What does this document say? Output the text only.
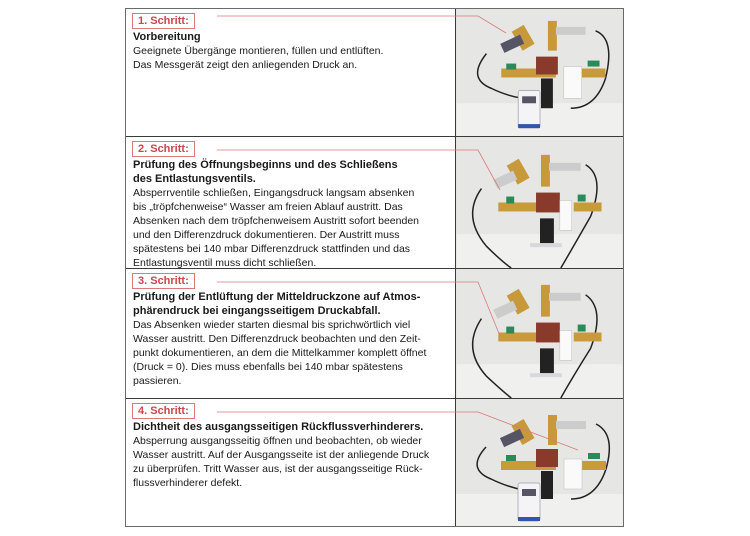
1. Schritt:
Vorbereitung
Geeignete Übergänge montieren, füllen und entlüften.
Das Messgerät zeigt den anliegenden Druck an.
2. Schritt:
Prüfung des Öffnungsbeginns und des Schließens
des Entlastungsventils.
Absperrventile schließen, Eingangsdruck langsam absenken
bis „tröpfchenweise“ Wasser am freien Ablauf austritt. Das
Absenken nach dem tröpfchenweisem Austritt sofort beenden
und den Differenzdruck dokumentieren. Der Austritt muss
spätestens bei 140 mbar Differenzdruck stattfinden und das
Entlastungsventil muss dicht schließen.
3. Schritt:
Prüfung der Entlüftung der Mitteldruckzone auf Atmos-
phärendruck bei eingangsseitigem Druckabfall.
Das Absenken wieder starten diesmal bis sprichwörtlich viel
Wasser austritt. Den Differenzdruck beobachten und den Zeit-
punkt dokumentieren, an dem die Mittelkammer komplett öffnet
(Druck = 0). Dies muss ebenfalls bei 140 mbar spätestens
passieren.
4. Schritt:
Dichtheit des ausgangsseitigen Rückflussverhinderers.
Absperrung ausgangsseitig öffnen und beobachten, ob wieder
Wasser austritt. Auf der Ausgangsseite ist der anliegende Druck
zu überprüfen. Tritt Wasser aus, ist der ausgangsseitige Rück-
flussverhinderer defekt.
